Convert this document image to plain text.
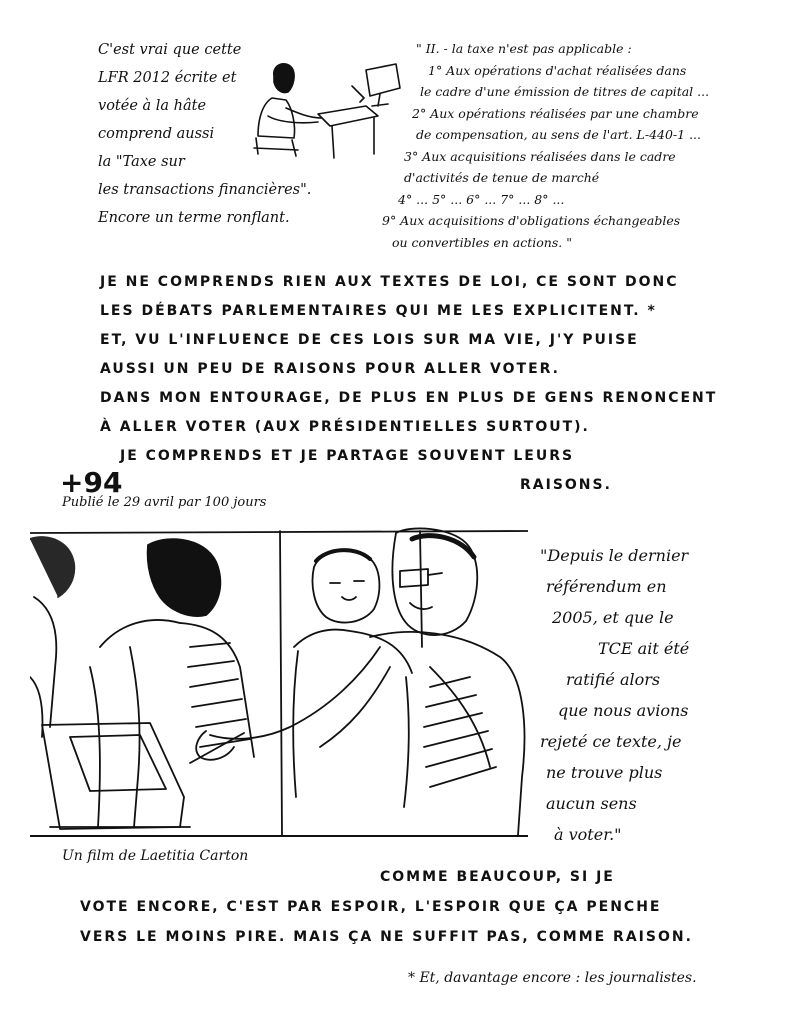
C'est vrai que cette
LFR 2012 écrite et
votée à la hâte
comprend aussi
la "Taxe sur
les transactions financières".
Encore un terme ronflant.
" II. - la taxe n'est pas applicable :
1° Aux opérations d'achat réalisées dans
le cadre d'une émission de titres de capital ...
2° Aux opérations réalisées par une chambre
de compensation, au sens de l'art. L-440-1 ...
3° Aux acquisitions réalisées dans le cadre
d'activités de tenue de marché
4° ... 5° ... 6° ... 7° ... 8° ...
9° Aux acquisitions d'obligations échangeables
ou convertibles en actions. "
JE NE COMPRENDS RIEN AUX TEXTES DE LOI, CE SONT DONC
LES DÉBATS PARLEMENTAIRES QUI ME LES EXPLICITENT. *
ET, VU L'INFLUENCE DE CES LOIS SUR MA VIE, J'Y PUISE
AUSSI UN PEU DE RAISONS POUR ALLER VOTER.
DANS MON ENTOURAGE, DE PLUS EN PLUS DE GENS RENONCENT
À ALLER VOTER (AUX PRÉSIDENTIELLES SURTOUT).
JE COMPRENDS ET JE PARTAGE SOUVENT LEURS
RAISONS.
+94
Publié le 29 avril par 100 jours
"Depuis le dernier
référendum en
2005, et que le
TCE ait été
ratifié alors
que nous avions
rejeté ce texte, je
ne trouve plus
aucun sens
à voter."
Un film de Laetitia Carton
COMME BEAUCOUP, SI JE
VOTE ENCORE, C'EST PAR ESPOIR, L'ESPOIR QUE ÇA PENCHE
VERS LE MOINS PIRE. MAIS ÇA NE SUFFIT PAS, COMME RAISON.
* Et, davantage encore : les journalistes.
